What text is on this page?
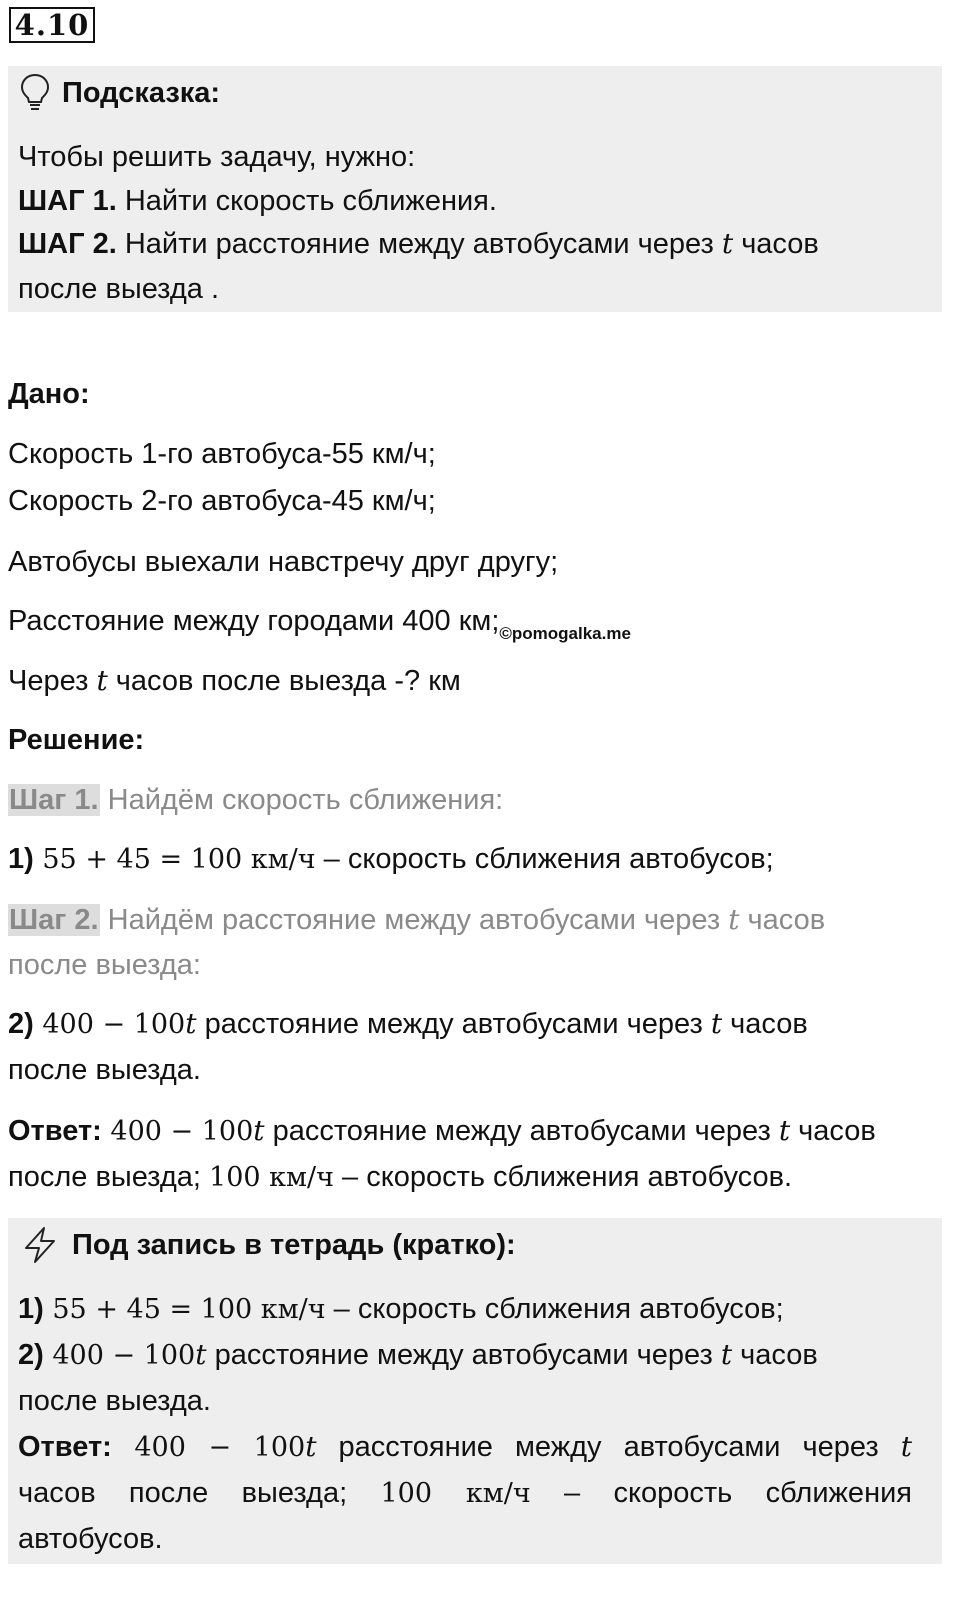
4.10
Подсказка:
Чтобы решить задачу, нужно:
ШАГ 1. Найти скорость сближения.
ШАГ 2. Найти расстояние между автобусами через t часов
после выезда .
Дано:
Скорость 1-го автобуса-55 км/ч;
Скорость 2-го автобуса-45 км/ч;
Автобусы выехали навстречу друг другу;
Расстояние между городами 400 $км;_{©pomogalka.me}$
Через t часов после выезда -? км
Решение:
Шаг 1. Найдём скорость сближения:
1) 55 + 45 = 100 км/ч – скорость сближения автобусов;
Шаг 2. Найдём расстояние между автобусами через t часов
после выезда:
2) 400 − 100t расстояние между автобусами через t часов
после выезда.
Ответ: 400 − 100t расстояние между автобусами через t часов
после выезда; 100 км/ч – скорость сближения автобусов.
Под запись в тетрадь (кратко):
1) 55 + 45 = 100 км/ч – скорость сближения автобусов;
2) 400 − 100t расстояние между автобусами через t часов
после выезда.
Ответ: 400 − 100t расстояние между автобусами через t
часов после выезда; 100 км/ч – скорость сближения
автобусов.
